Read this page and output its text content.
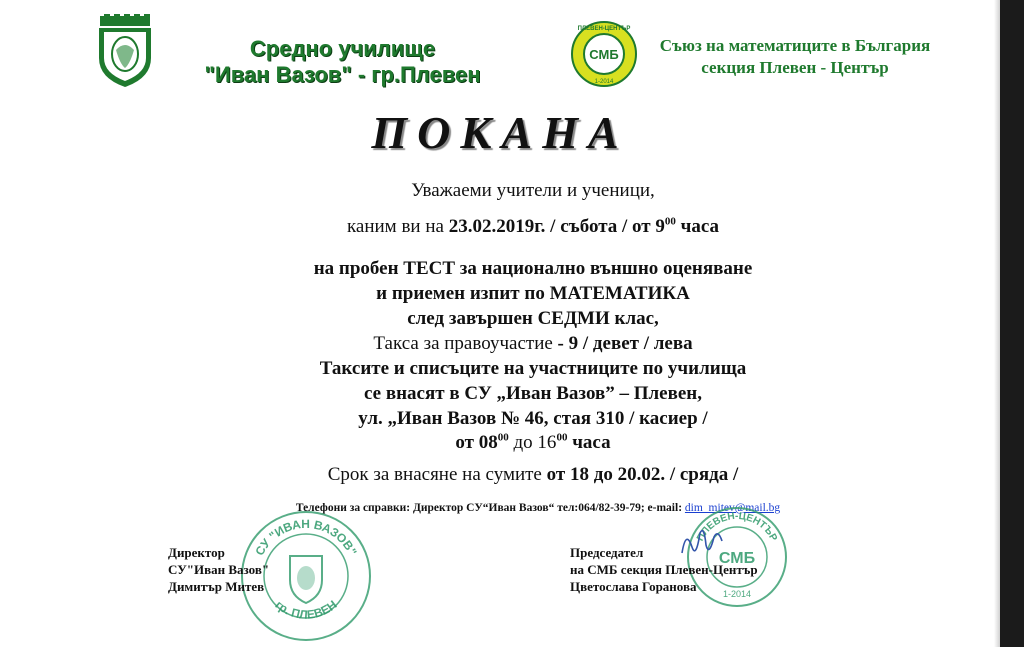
Средно училище
"Иван Вазов" - гр.Плевен
ПЛЕВЕН-ЦЕНТЪР
СМБ
1-2014
Съюз на математиците в България
секция Плевен - Център
ПОКАНА
Уважаеми учители и ученици,
каним ви на 23.02.2019г. / събота / от $9^{00}$ часа
на пробен ТЕСТ за национално външно оценяване
и приемен изпит по МАТЕМАТИКА
след завършен СЕДМИ клас,
Такса за правоучастие - 9 / девет / лева
Таксите и списъците на участниците по училища
се внасят в СУ „Иван Вазов” – Плевен,
ул. „Иван Вазов № 46, стая 310 / касиер /
от $08^{00}$ до $16^{00}$ часа
Срок за внасяне на сумите от 18 до 20.02. / сряда /
Телефони за справки: Директор СУ“Иван Вазов“ тел:064/82-39-79; e-mail: dim_mitev@mail.bg
СУ "ИВАН ВАЗОВ"
гр. ПЛЕВЕН
Директор
СУ"Иван Вазов"
Димитър Митев
ПЛЕВЕН-ЦЕНТЪР
СМБ
1-2014
Председател
на СМБ секция Плевен-Център
Цветослава Горанова
